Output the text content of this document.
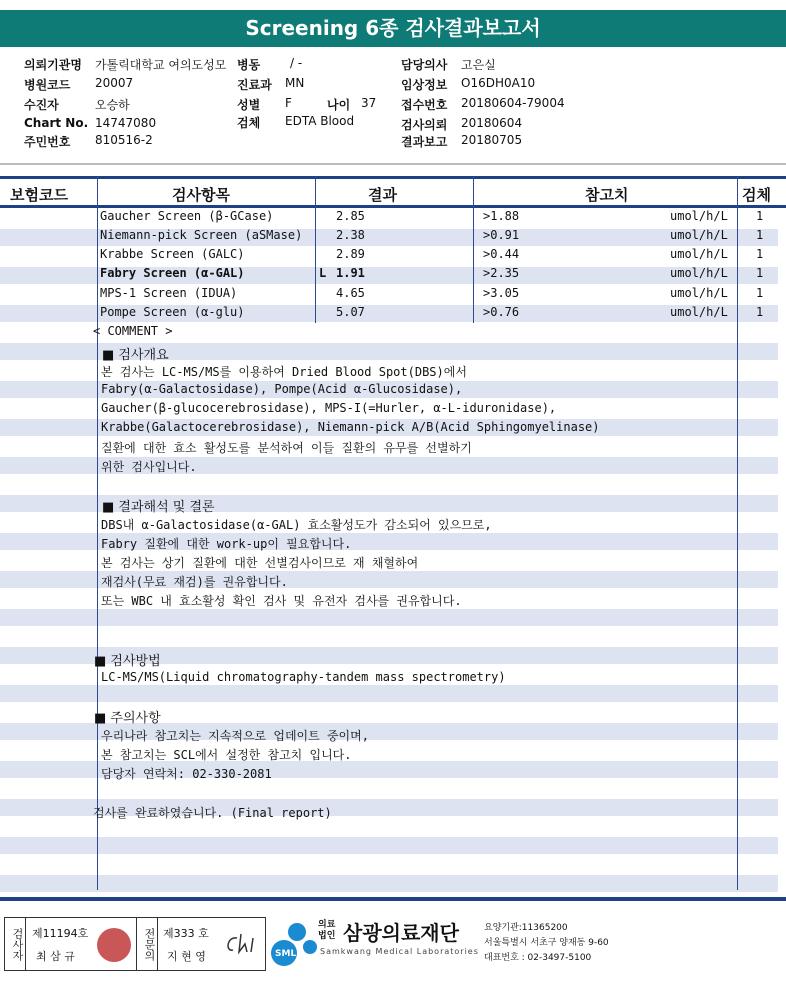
Screening 6종 검사결과보고서
의뢰기관명 가톨릭대학교 여의도성모 병동 / -	담당의사 고은실
병원코드 20007	진료과 MN	임상정보 O16DH0A10
수진자	오승하	성별 F	나이 37 접수번호 20180604-79004
Chart No. 14747080	검체 EDTA Blood	검사의뢰 20180604
주민번호 810516-2	결과보고 20180705
보험코드	검사항목	결과	참고치	검체
Gaucher Screen (β-GCase)	2.85	>1.88	umol/h/L 1
Niemann-pick Screen (aSMase)	2.38	>0.91	umol/h/L 1
Krabbe Screen (GALC)	2.89	>0.44	umol/h/L 1
Fabry Screen (α-GAL)	L 1.91	>2.35	umol/h/L 1
MPS-1 Screen (IDUA)	4.65	>3.05	umol/h/L 1
Pompe Screen (α-glu)	5.07	>0.76	umol/h/L 1
< COMMENT >
■ 검사개요
본 검사는 LC-MS/MS를 이용하여 Dried Blood Spot(DBS)에서
Fabry(α-Galactosidase), Pompe(Acid α-Glucosidase),
Gaucher(β-glucocerebrosidase), MPS-I(=Hurler, α-L-iduronidase),
Krabbe(Galactocerebrosidase), Niemann-pick A/B(Acid Sphingomyelinase)
질환에 대한 효소 활성도를 분석하여 이들 질환의 유무를 선별하기
위한 검사입니다.
■ 결과해석 및 결론
DBS내 α-Galactosidase(α-GAL) 효소활성도가 감소되어 있으므로,
Fabry 질환에 대한 work-up이 필요합니다.
본 검사는 상기 질환에 대한 선별검사이므로 재 채혈하여
재검사(무료 재검)를 권유합니다.
또는 WBC 내 효소활성 확인 검사 및 유전자 검사를 권유합니다.
■ 검사방법
LC-MS/MS(Liquid chromatography-tandem mass spectrometry)
■ 주의사항
우리나라 참고치는 지속적으로 업데이트 중이며,
본 참고치는 SCL에서 설정한 참고치 입니다.
담당자 연락처: 02-330-2081
검사를 완료하였습니다. (Final report)
검사자 제11194호
최 삼 규	전문의 제333 호
지 현 영	SML
의료법인 삼광의료재단
Samkwang Medical Laboratories
요양기관:11365200
서울특별시 서초구 양재동 9-60
대표번호 : 02-3497-5100
